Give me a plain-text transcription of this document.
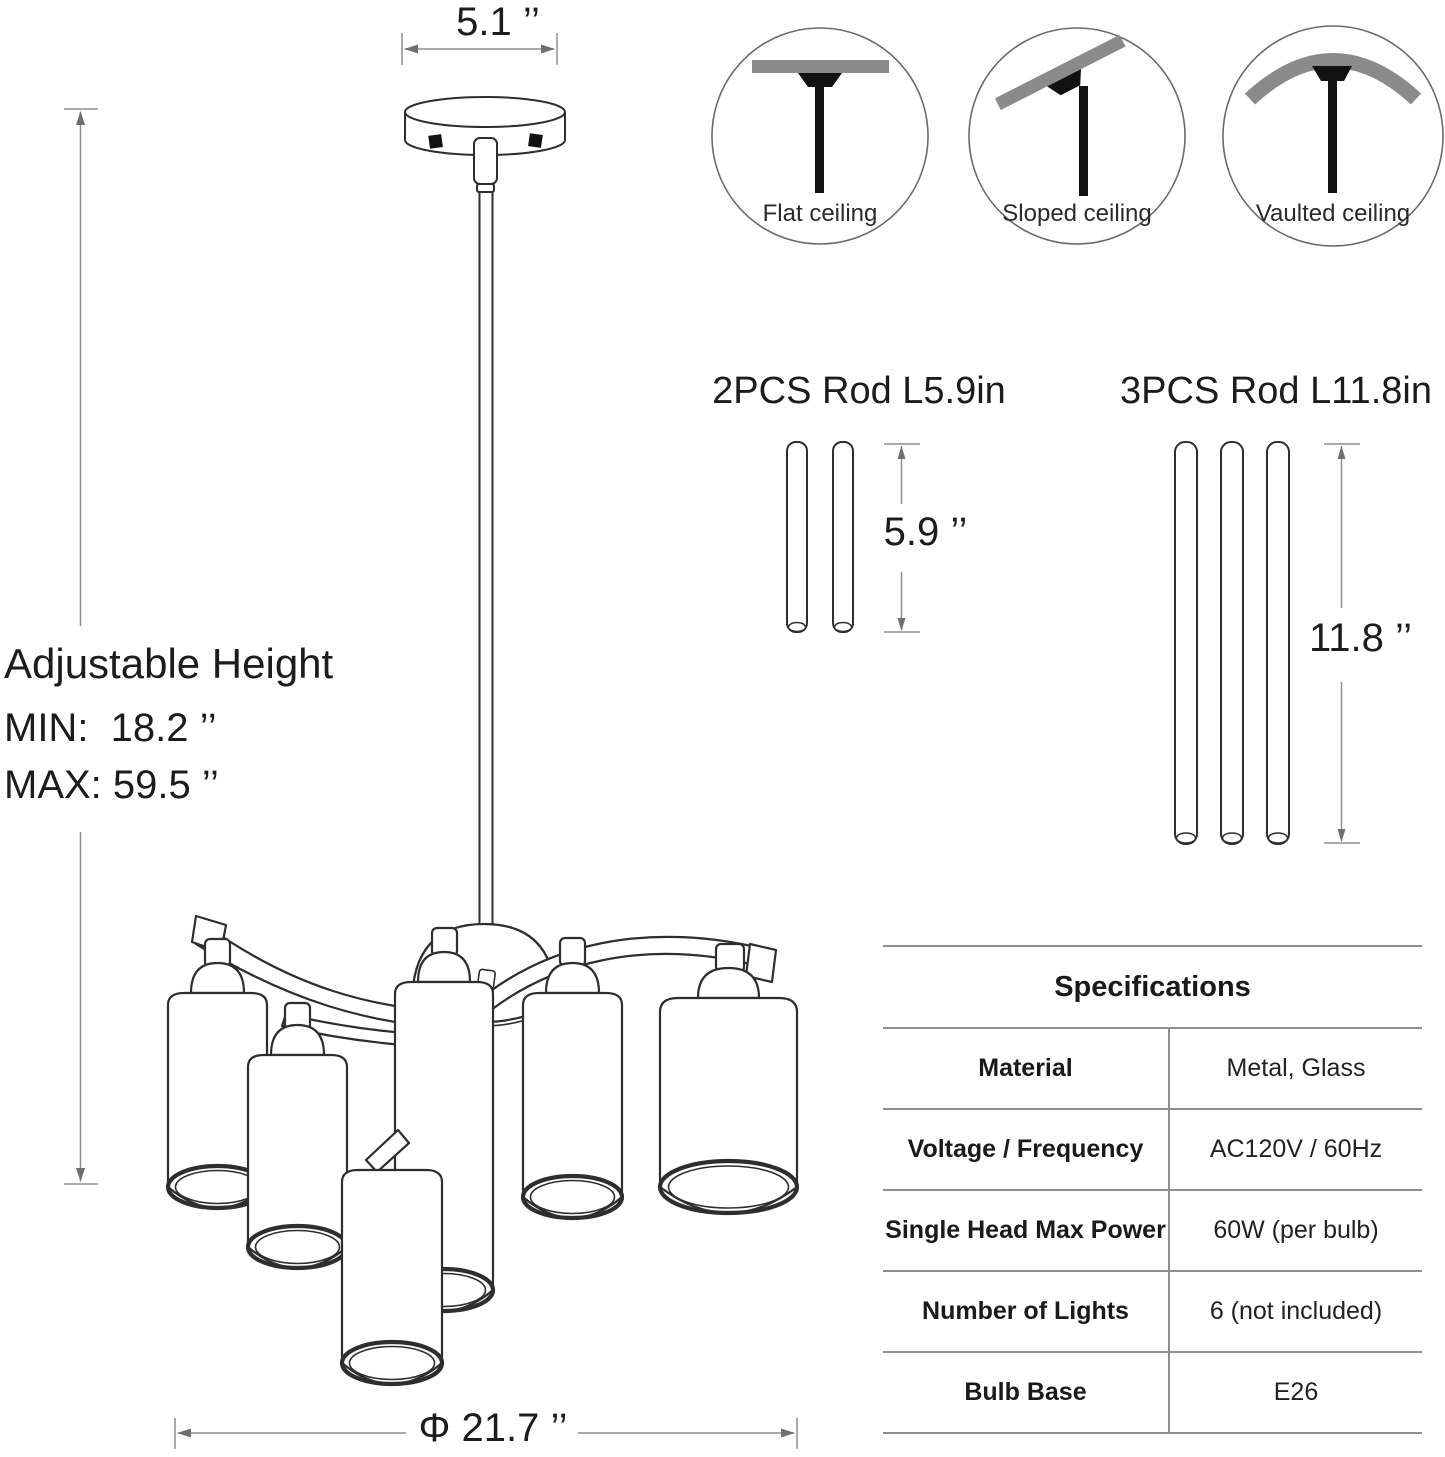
5.1 ’’
Adjustable Height
MIN:  18.2 ’’
MAX: 59.5 ’’
Flat ceiling	Sloped ceiling	Vaulted ceiling
2PCS Rod L5.9in	3PCS Rod L11.8in
5.9 ’’
11.8 ’’
Φ 21.7 ’’
Specifications
Material	Metal, Glass
Voltage / Frequency	AC120V / 60Hz
Single Head Max Power	60W (per bulb)
Number of Lights	6 (not included)
Bulb Base	E26
